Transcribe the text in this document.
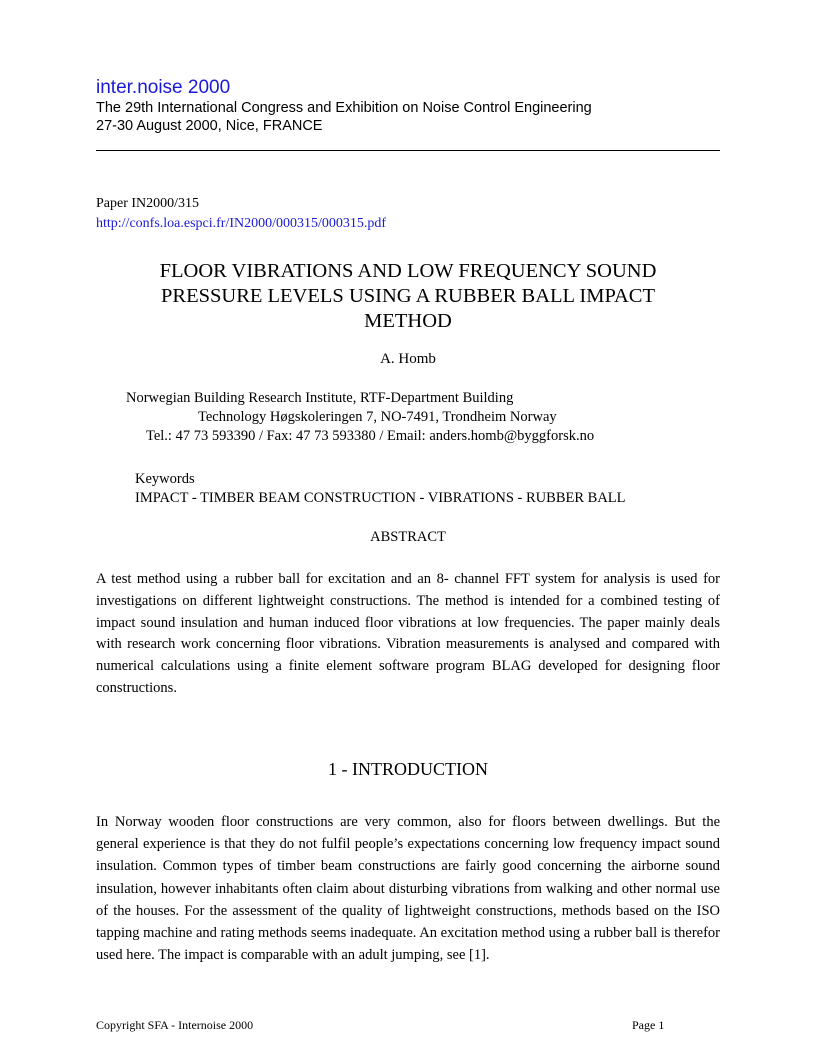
inter.noise 2000
The 29th International Congress and Exhibition on Noise Control Engineering
27-30 August 2000, Nice, FRANCE
Paper IN2000/315
http://confs.loa.espci.fr/IN2000/000315/000315.pdf
FLOOR VIBRATIONS AND LOW FREQUENCY SOUND
PRESSURE LEVELS USING A RUBBER BALL IMPACT
METHOD
A. Homb
Norwegian Building Research Institute, RTF-Department Building
Technology Høgskoleringen 7, NO-7491, Trondheim Norway
Tel.: 47 73 593390 / Fax: 47 73 593380 / Email: anders.homb@byggforsk.no
Keywords
IMPACT - TIMBER BEAM CONSTRUCTION - VIBRATIONS - RUBBER BALL
ABSTRACT

A test method using a rubber ball for excitation and an 8- channel FFT system for analysis is used for investigations on different lightweight constructions. The method is intended for a combined testing of impact sound insulation and human induced floor vibrations at low frequencies. The paper mainly deals with research work concerning floor vibrations. Vibration measurements is analysed and compared with numerical calculations using a finite element software program BLAG developed for designing floor constructions.

1 - INTRODUCTION

In Norway wooden floor constructions are very common, also for floors between dwellings. But the general experience is that they do not fulfil people’s expectations concerning low frequency impact sound insulation. Common types of timber beam constructions are fairly good concerning the airborne sound insulation, however inhabitants often claim about disturbing vibrations from walking and other normal use of the houses. For the assessment of the quality of lightweight constructions, methods based on the ISO tapping machine and rating methods seems inadequate. An excitation method using a rubber ball is therefor used here. The impact is comparable with an adult jumping, see [1].

Copyright SFA - Internoise 2000	Page 1
